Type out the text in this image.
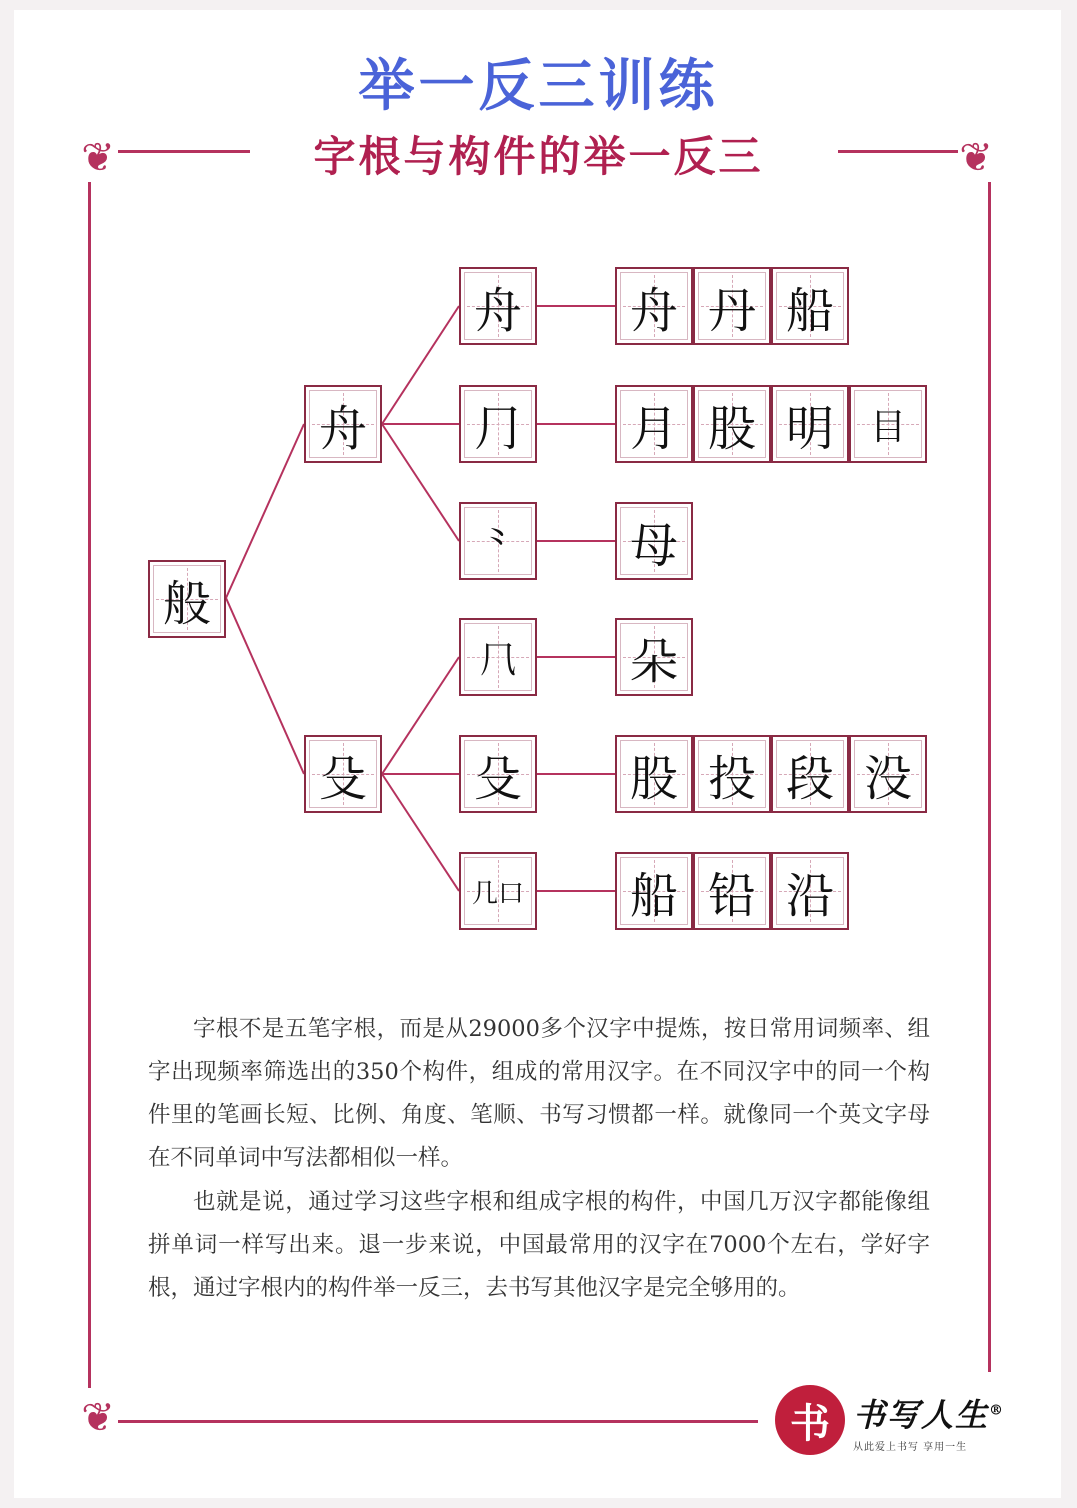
举一反三训练
字根与构件的举一反三
❦	❦
❦
般
舟
殳
舟
⺆
⺀
⺇
殳
几口
舟 丹 船
月 股 明 目
母
朵
股 投 段 没
船 铅 沿

字根不是五笔字根，而是从29000多个汉字中提炼，按日常用词频率、组字出现频率筛选出的350个构件，组成的常用汉字。在不同汉字中的同一个构件里的笔画长短、比例、角度、笔顺、书写习惯都一样。就像同一个英文字母在不同单词中写法都相似一样。

也就是说，通过学习这些字根和组成字根的构件，中国几万汉字都能像组拼单词一样写出来。退一步来说，中国最常用的汉字在7000个左右，学好字根，通过字根内的构件举一反三，去书写其他汉字是完全够用的。

书 书写人生®
从此爱上书写 享用一生
